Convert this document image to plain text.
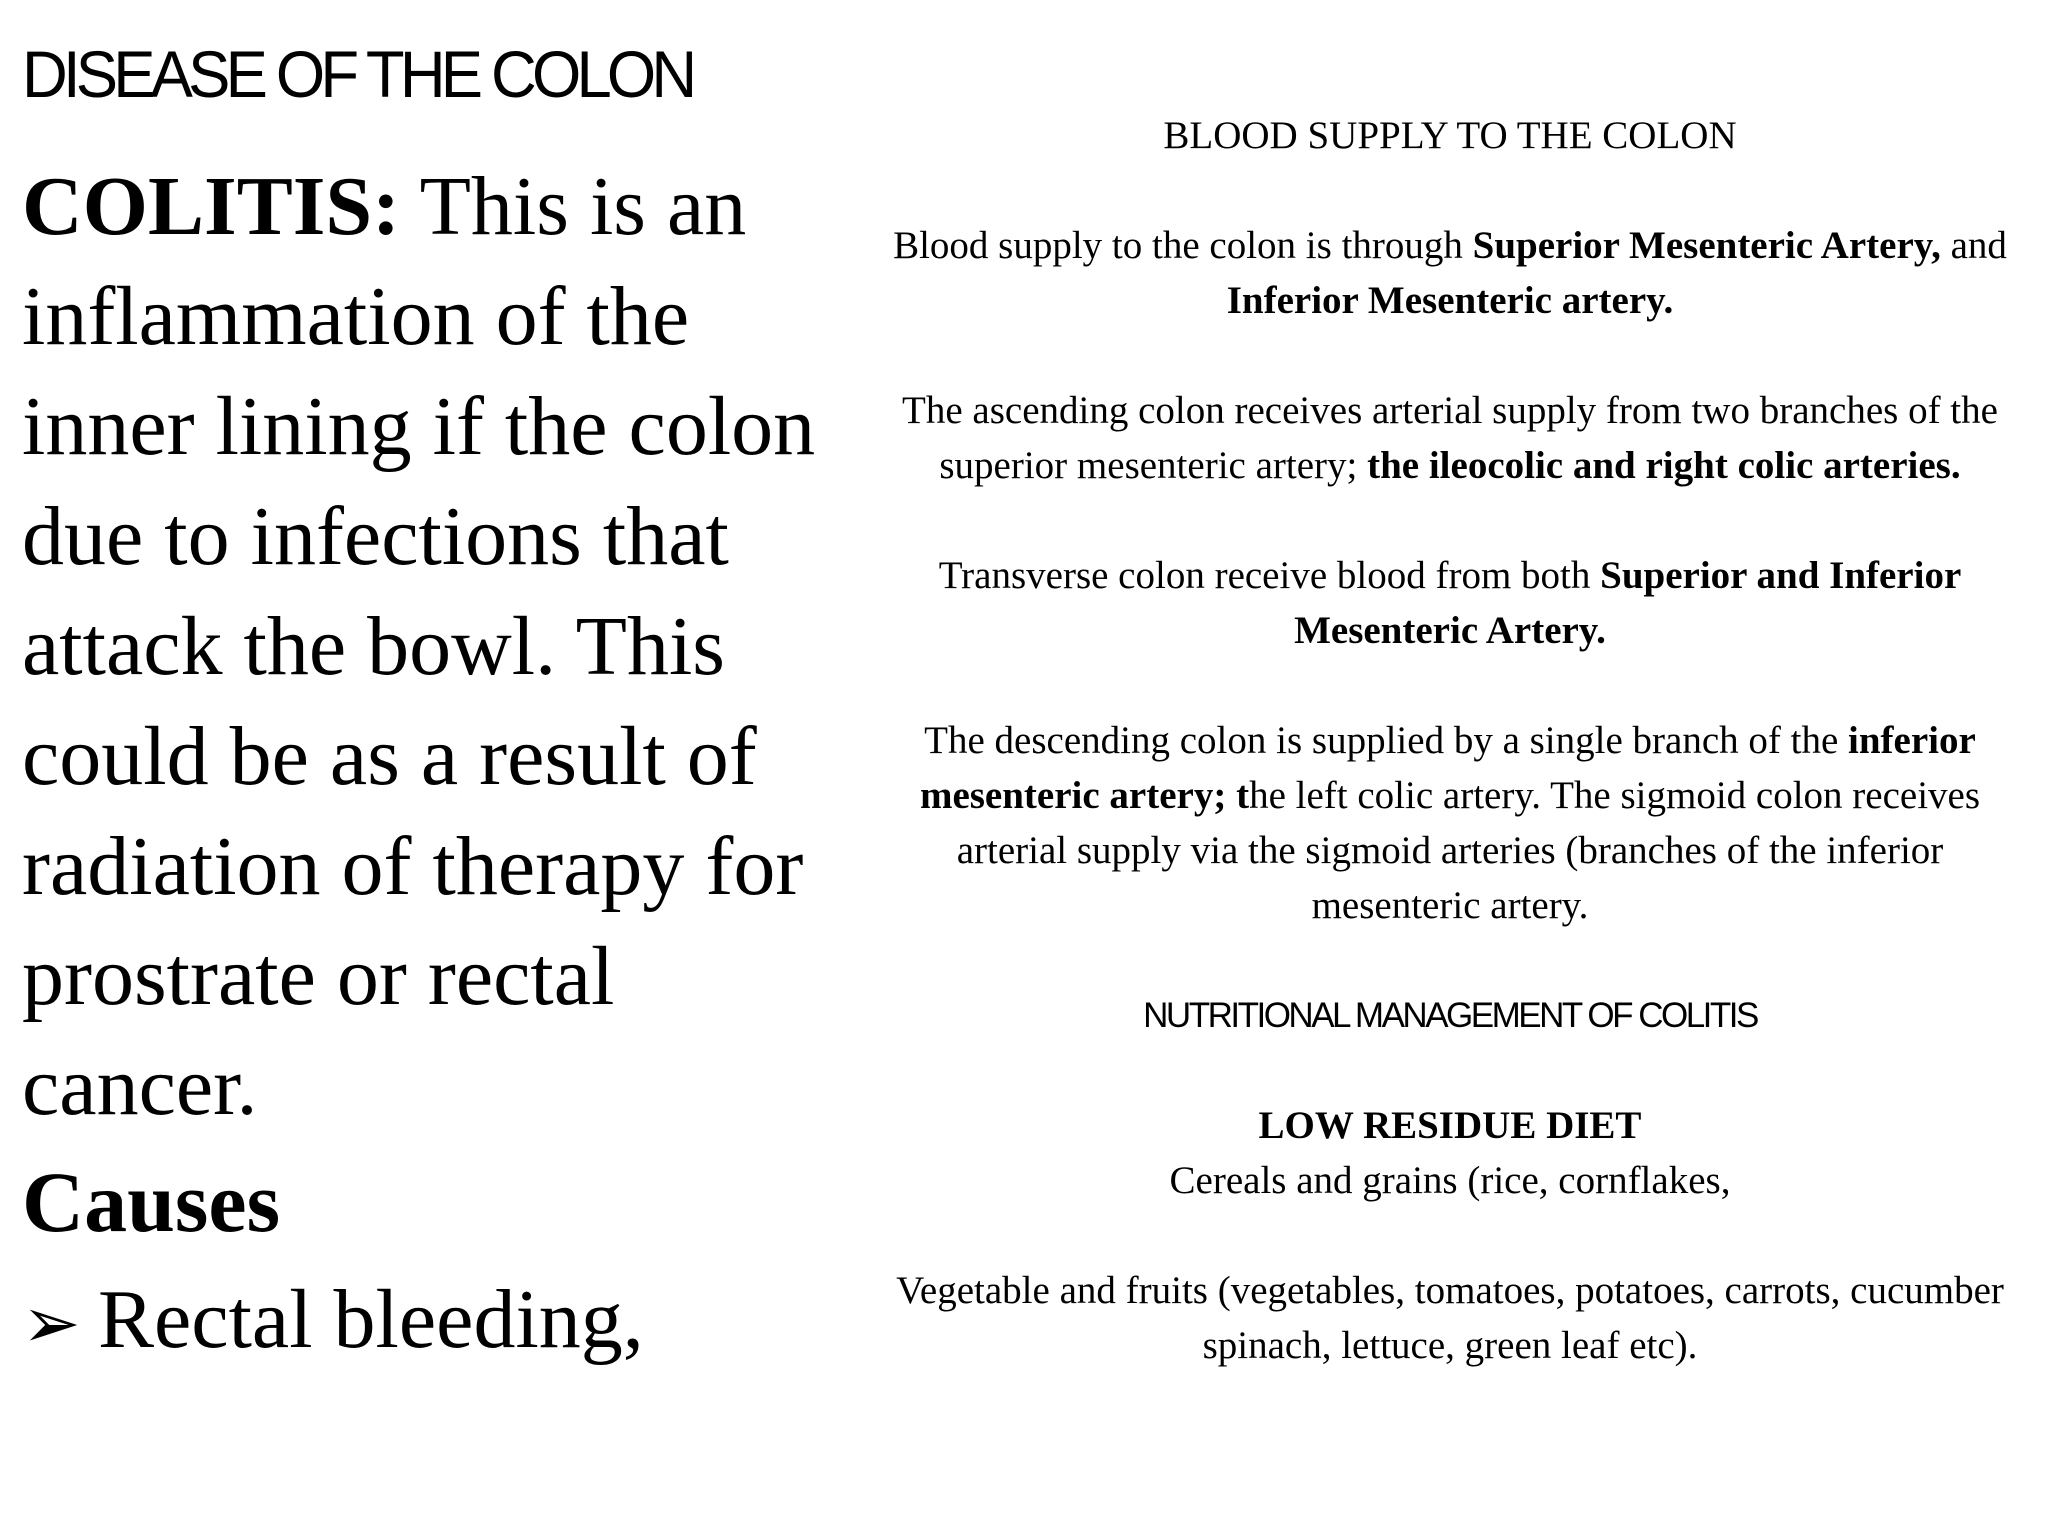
DISEASE OF THE COLON

COLITIS: This is an inflammation of the inner lining if the colon due to infections that attack the bowl. This could be as a result of radiation of therapy for prostrate or rectal cancer.

Causes

➢ Rectal bleeding,

BLOOD SUPPLY TO THE COLON

Blood supply to the colon is through Superior Mesenteric Artery, and Inferior Mesenteric artery.

The ascending colon receives arterial supply from two branches of the superior mesenteric artery; the ileocolic and right colic arteries.

Transverse colon receive blood from both Superior and Inferior Mesenteric Artery.

The descending colon is supplied by a single branch of the inferior mesenteric artery; the left colic artery. The sigmoid colon receives arterial supply via the sigmoid arteries (branches of the inferior mesenteric artery.

NUTRITIONAL MANAGEMENT OF COLITIS

LOW RESIDUE DIET

Cereals and grains (rice, cornflakes,

Vegetable and fruits (vegetables, tomatoes, potatoes, carrots, cucumber spinach, lettuce, green leaf etc).
